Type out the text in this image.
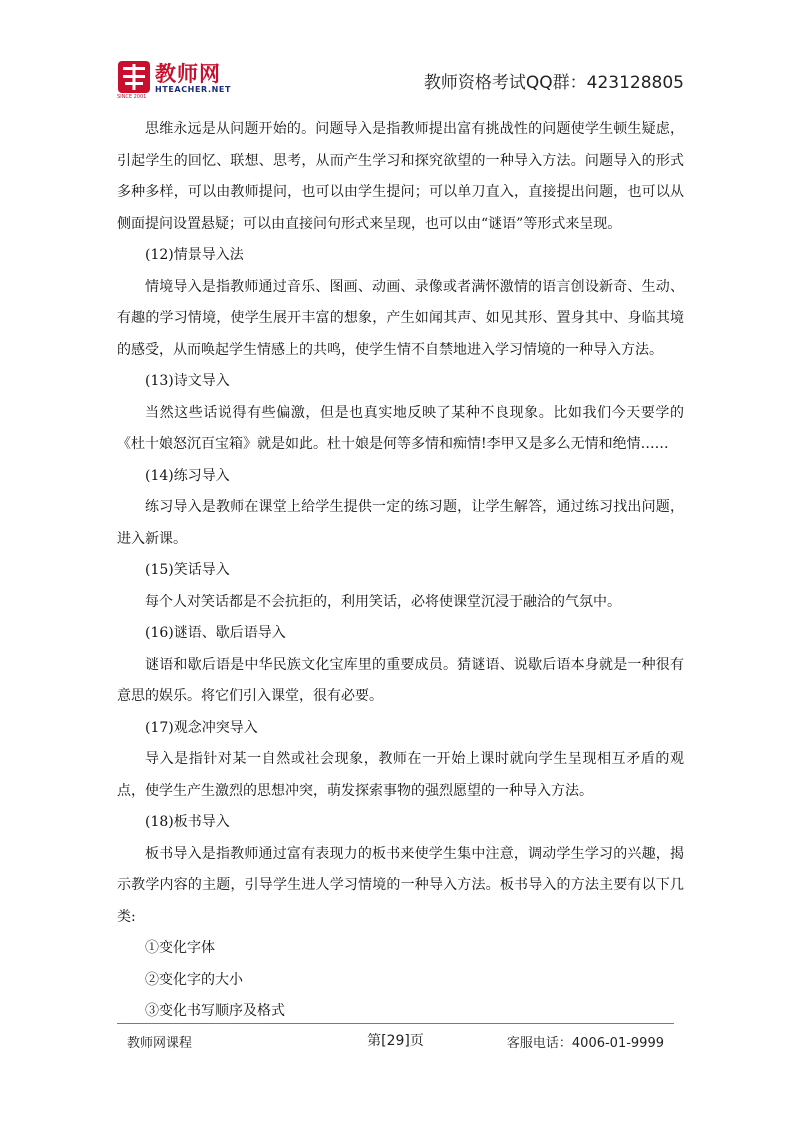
教师网
HTEACHER.NET
SINCE 2001
教师资格考试QQ群：423128805

思维永远是从问题开始的。问题导入是指教师提出富有挑战性的问题使学生顿生疑虑，引起学生的回忆、联想、思考，从而产生学习和探究欲望的一种导入方法。问题导入的形式多种多样，可以由教师提问，也可以由学生提问；可以单刀直入，直接提出问题，也可以从侧面提问设置悬疑；可以由直接问句形式来呈现，也可以由“谜语”等形式来呈现。

(12)情景导入法

情境导入是指教师通过音乐、图画、动画、录像或者满怀激情的语言创设新奇、生动、有趣的学习情境，使学生展开丰富的想象，产生如闻其声、如见其形、置身其中、身临其境的感受，从而唤起学生情感上的共鸣，使学生情不自禁地进入学习情境的一种导入方法。

(13)诗文导入

当然这些话说得有些偏激，但是也真实地反映了某种不良现象。比如我们今天要学的《杜十娘怒沉百宝箱》就是如此。杜十娘是何等多情和痴情!李甲又是多么无情和绝情……

(14)练习导入

练习导入是教师在课堂上给学生提供一定的练习题，让学生解答，通过练习找出问题，进入新课。

(15)笑话导入

每个人对笑话都是不会抗拒的，利用笑话，必将使课堂沉浸于融洽的气氛中。

(16)谜语、歇后语导入

谜语和歇后语是中华民族文化宝库里的重要成员。猜谜语、说歇后语本身就是一种很有意思的娱乐。将它们引入课堂，很有必要。

(17)观念冲突导入

导入是指针对某一自然或社会现象，教师在一开始上课时就向学生呈现相互矛盾的观点，使学生产生激烈的思想冲突，萌发探索事物的强烈愿望的一种导入方法。

(18)板书导入

板书导入是指教师通过富有表现力的板书来使学生集中注意，调动学生学习的兴趣，揭示教学内容的主题，引导学生进人学习情境的一种导入方法。板书导入的方法主要有以下几类:

①变化字体

②变化字的大小

③变化书写顺序及格式

教师网课程	第[29]页	客服电话：4006-01-9999
